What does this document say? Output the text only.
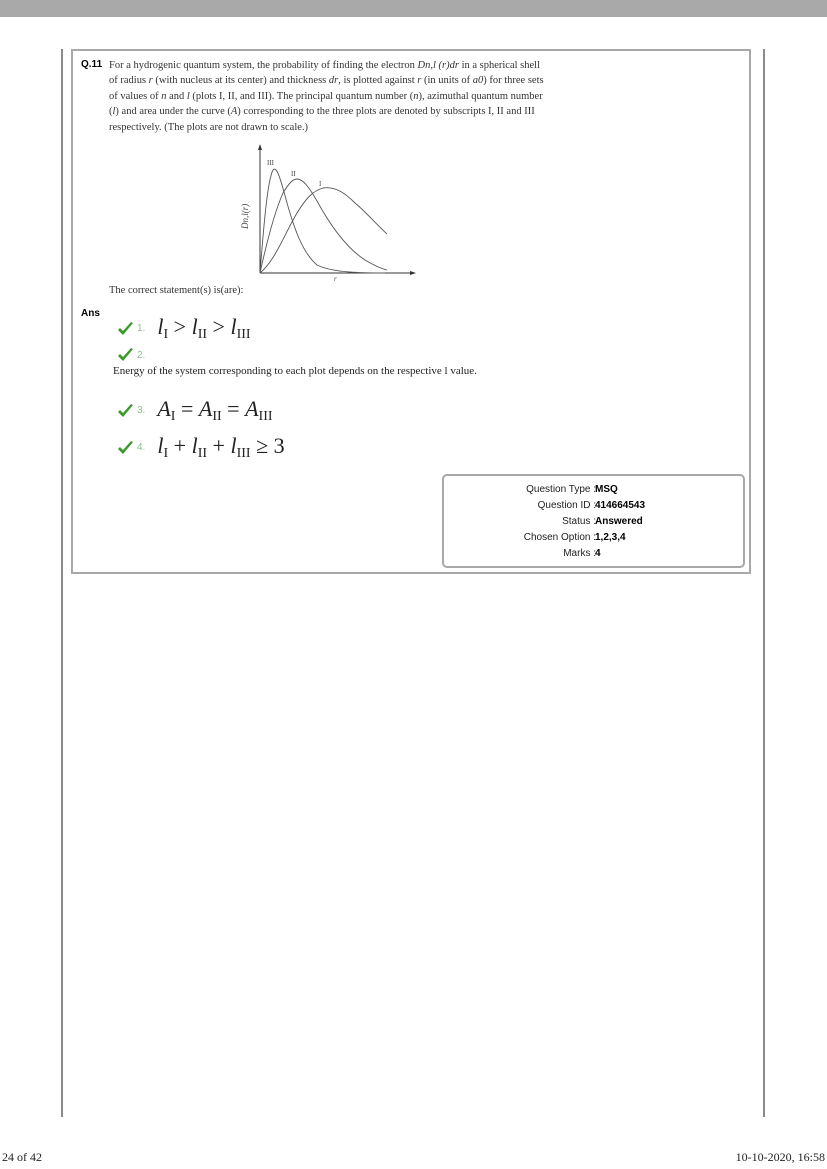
Q.11 For a hydrogenic quantum system, the probability of finding the electron Dn,l (r)dr in a spherical shell of radius r (with nucleus at its center) and thickness dr, is plotted against r (in units of a0) for three sets of values of n and l (plots I, II, and III). The principal quantum number (n), azimuthal quantum number (l) and area under the curve (A) corresponding to the three plots are denoted by subscripts I, II and III respectively. (The plots are not drawn to scale.)
III
II
I
r
Dn,l(r)
The correct statement(s) is(are):
Ans
1. $l_I > l_{II} > l_{III}$
2.
Energy of the system corresponding to each plot depends on the respective l value.
3. $A_I = A_{II} = A_{III}$
4. $l_I + l_{II} + l_{III} \ge 3$
Question Type : MSQ
Question ID : 414664543
Status : Answered
Chosen Option : 1,2,3,4
Marks : 4
24 of 42	10-10-2020, 16:58
